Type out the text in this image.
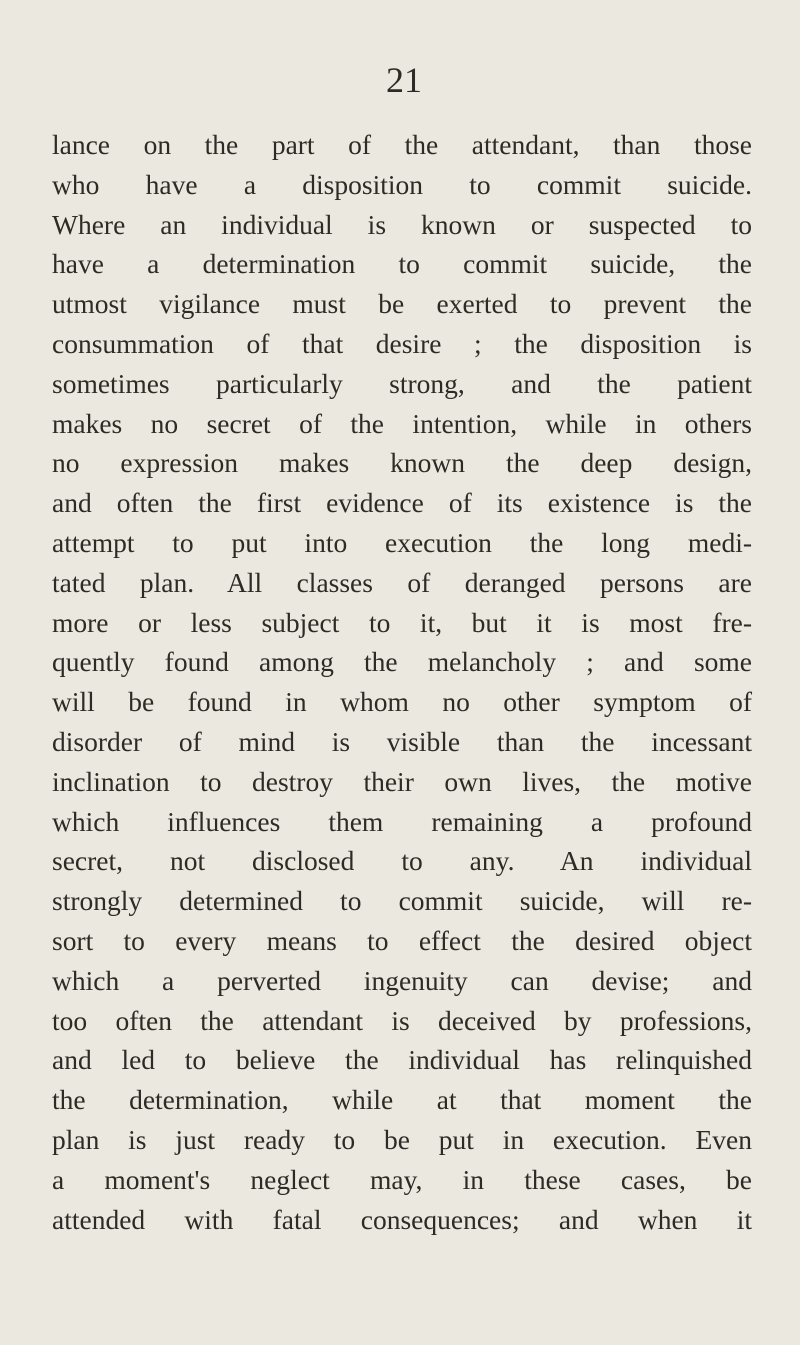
21
lance on the part of the attendant, than those
who have a disposition to commit suicide.
Where an individual is known or suspected to
have a determination to commit suicide, the
utmost vigilance must be exerted to prevent the
consummation of that desire ; the disposition is
sometimes particularly strong, and the patient
makes no secret of the intention, while in others
no expression makes known the deep design,
and often the first evidence of its existence is the
attempt to put into execution the long medi-
tated plan. All classes of deranged persons are
more or less subject to it, but it is most fre-
quently found among the melancholy ; and some
will be found in whom no other symptom of
disorder of mind is visible than the incessant
inclination to destroy their own lives, the motive
which influences them remaining a profound
secret, not disclosed to any. An individual
strongly determined to commit suicide, will re-
sort to every means to effect the desired object
which a perverted ingenuity can devise; and
too often the attendant is deceived by professions,
and led to believe the individual has relinquished
the determination, while at that moment the
plan is just ready to be put in execution. Even
a moment's neglect may, in these cases, be
attended with fatal consequences; and when it
